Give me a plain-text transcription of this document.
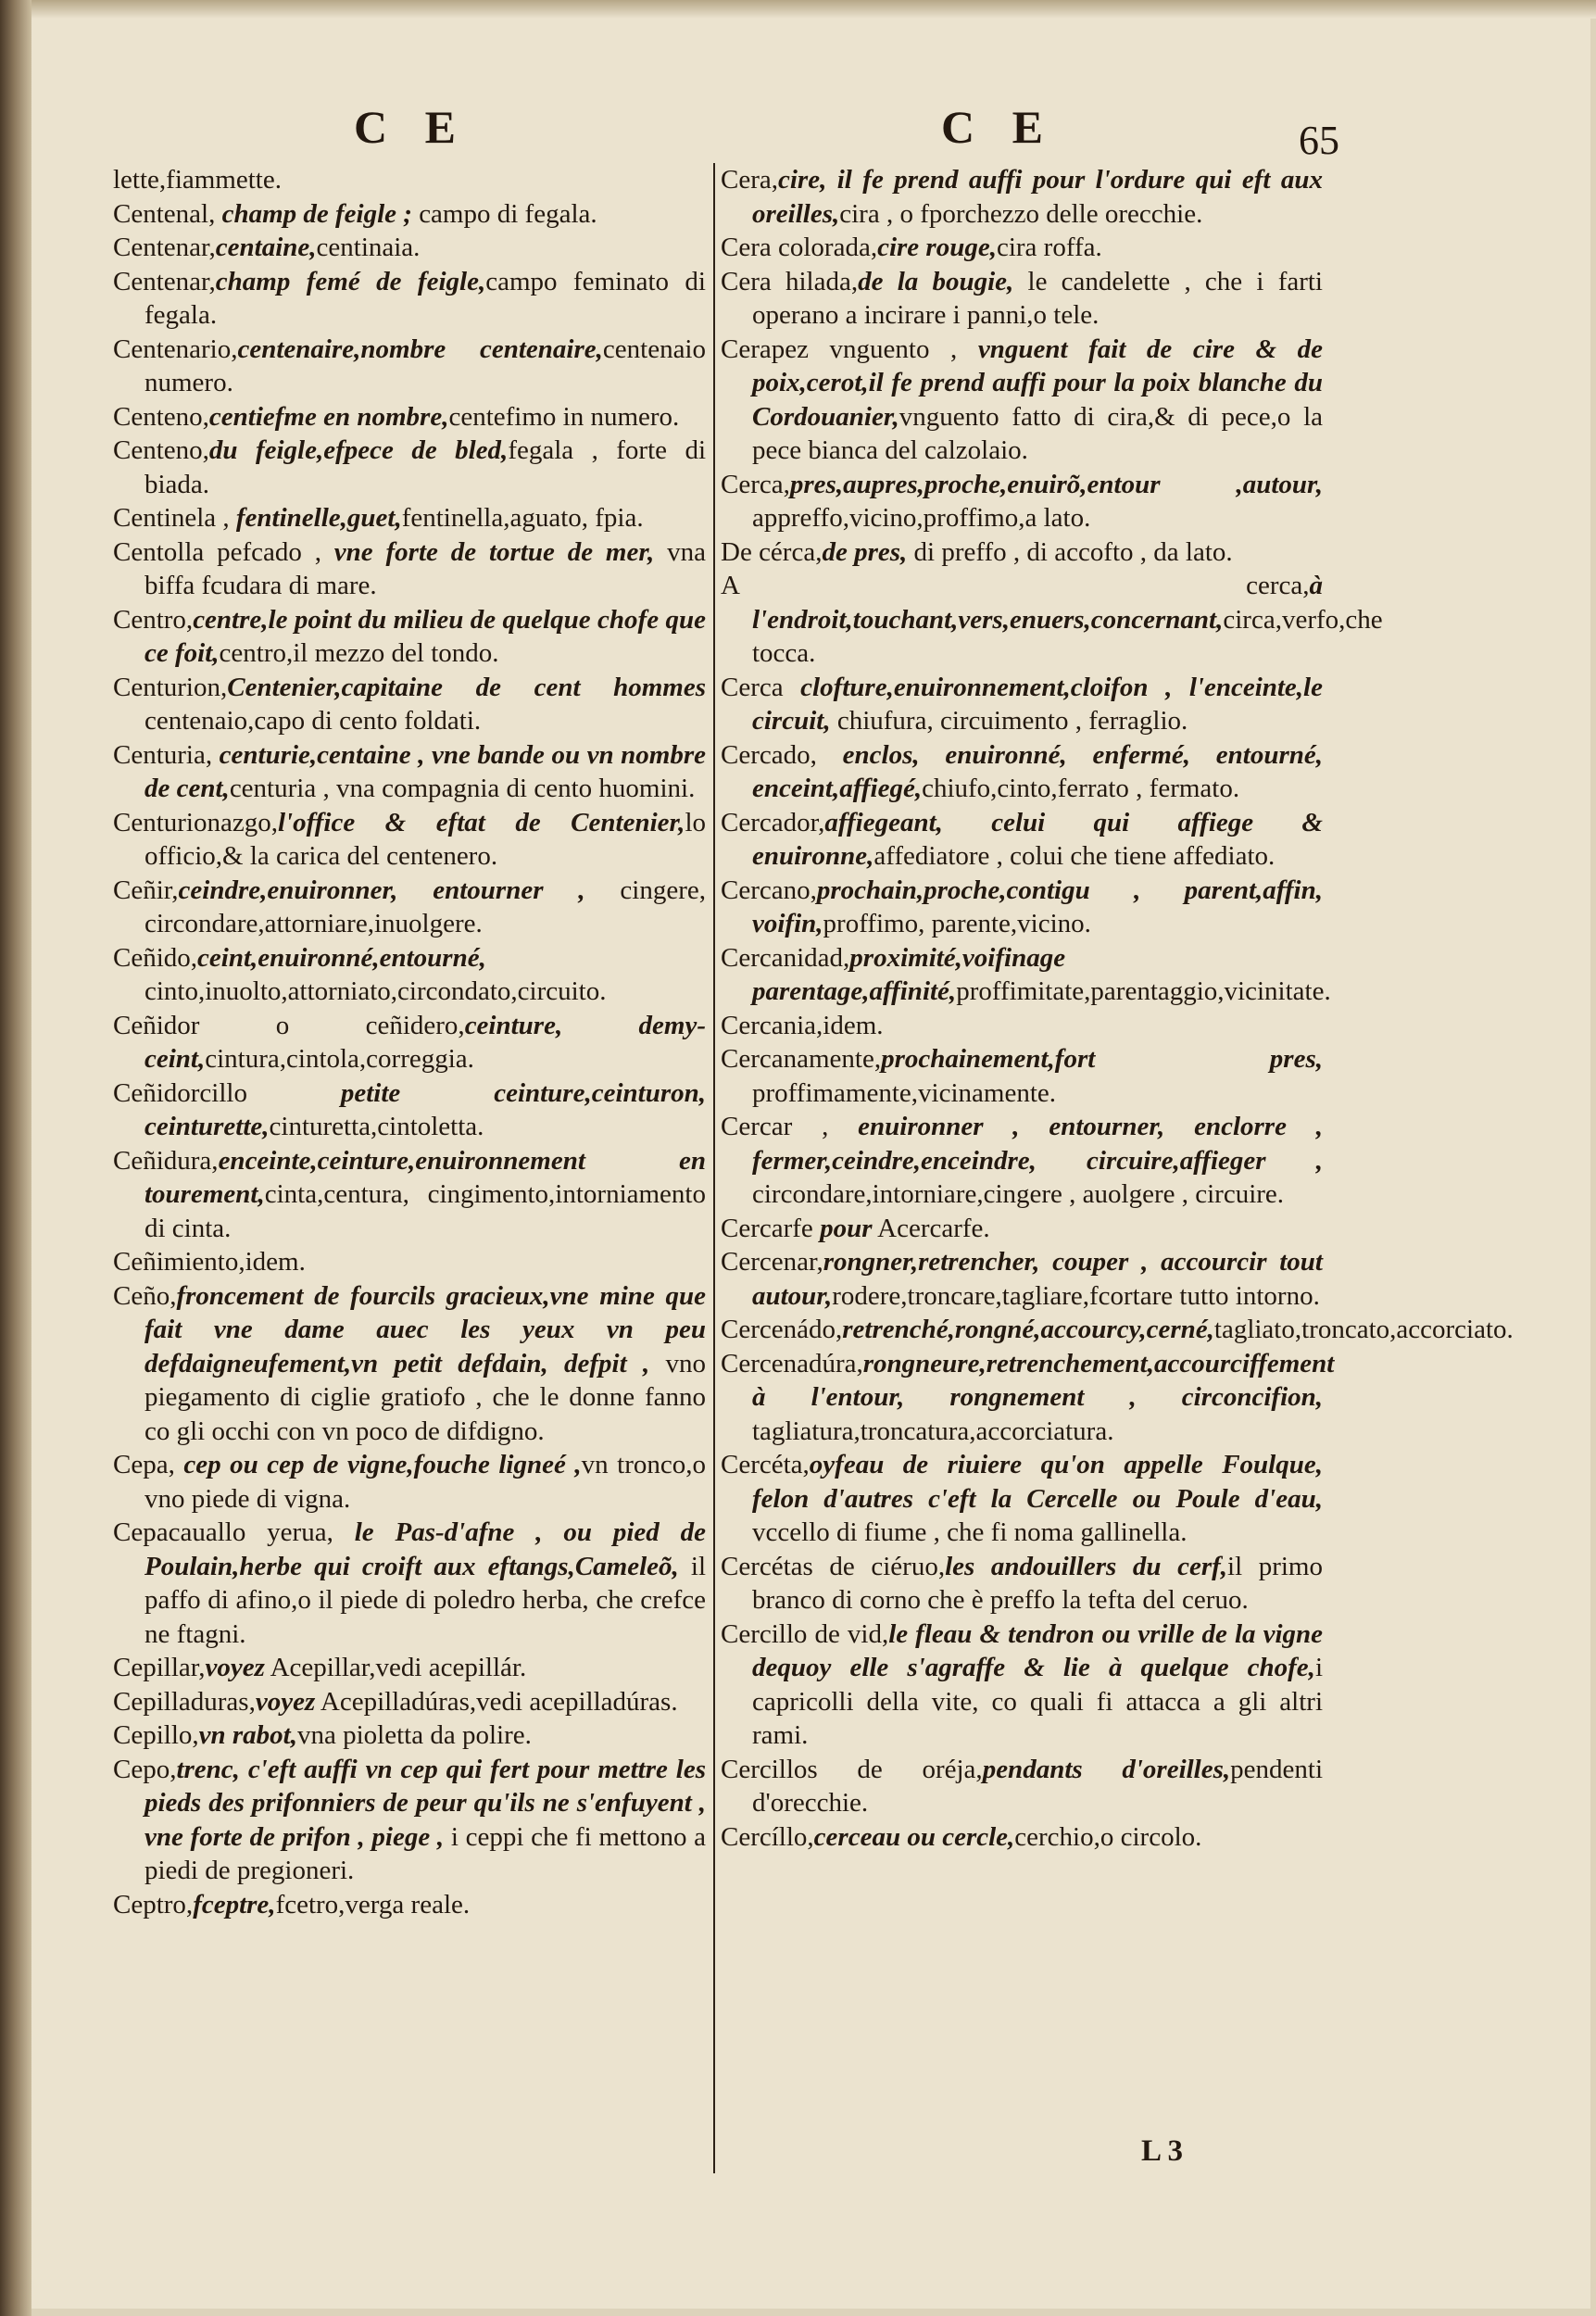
C E	C E	65
lette,fiammette.
Centenal, champ de feigle ; campo di fegala.
Centenar,centaine,centinaia.
Centenar,champ femé de feigle,campo feminato di fegala.
Centenario,centenaire,nombre centenaire,centenaio numero.
Centeno,centiefme en nombre,centefimo in numero.
Centeno,du feigle,efpece de bled,fegala , forte di biada.
Centinela , fentinelle,guet,fentinella,aguato, fpia.
Centolla pefcado , vne forte de tortue de mer, vna biffa fcudara di mare.
Centro,centre,le point du milieu de quelque chofe que ce foit,centro,il mezzo del tondo.
Centurion,Centenier,capitaine de cent hommes centenaio,capo di cento foldati.
Centuria, centurie,centaine , vne bande ou vn nombre de cent,centuria , vna compagnia di cento huomini.
Centurionazgo,l'office & eftat de Centenier,lo officio,& la carica del centenero.
Ceñir,ceindre,enuironner, entourner , cingere, circondare,attorniare,inuolgere.
Ceñido,ceint,enuironné,entourné, cinto,inuolto,attorniato,circondato,circuito.
Ceñidor o ceñidero,ceinture, demy-ceint,cintura,cintola,correggia.
Ceñidorcillo petite ceinture,ceinturon, ceinturette,cinturetta,cintoletta.
Ceñidura,enceinte,ceinture,enuironnement en tourement,cinta,centura, cingimento,intorniamento di cinta.
Ceñimiento,idem.
Ceño,froncement de fourcils gracieux,vne mine que fait vne dame auec les yeux vn peu defdaigneufement,vn petit defdain, defpit , vno piegamento di ciglie gratiofo , che le donne fanno co gli occhi con vn poco de difdigno.
Cepa, cep ou cep de vigne,fouche ligneé ,vn tronco,o vno piede di vigna.
Cepacauallo yerua, le Pas-d'afne , ou pied de Poulain,herbe qui croift aux eftangs,Cameleõ, il paffo di afino,o il piede di poledro herba, che crefce ne ftagni.
Cepillar,voyez Acepillar,vedi acepillár.
Cepilladuras,voyez Acepilladúras,vedi acepilladúras.
Cepillo,vn rabot,vna pioletta da polire.
Cepo,trenc, c'eft auffi vn cep qui fert pour mettre les pieds des prifonniers de peur qu'ils ne s'enfuyent , vne forte de prifon , piege , i ceppi che fi mettono a piedi de pregioneri.
Ceptro,fceptre,fcetro,verga reale.
Cera,cire, il fe prend auffi pour l'ordure qui eft aux oreilles,cira , o fporchezzo delle orecchie.
Cera colorada,cire rouge,cira roffa.
Cera hilada,de la bougie, le candelette , che i farti operano a incirare i panni,o tele.
Cerapez vnguento , vnguent fait de cire & de poix,cerot,il fe prend auffi pour la poix blanche du Cordouanier,vnguento fatto di cira,& di pece,o la pece bianca del calzolaio.
Cerca,pres,aupres,proche,enuirõ,entour ,autour, appreffo,vicino,proffimo,a lato.
De cérca,de pres, di preffo , di accofto , da lato.
A cerca,à l'endroit,touchant,vers,enuers,concernant,circa,verfo,che tocca.
Cerca clofture,enuironnement,cloifon , l'enceinte,le circuit, chiufura, circuimento , ferraglio.
Cercado, enclos, enuironné, enfermé, entourné, enceint,affiegé,chiufo,cinto,ferrato , fermato.
Cercador,affiegeant, celui qui affiege & enuironne,affediatore , colui che tiene affediato.
Cercano,prochain,proche,contigu , parent,affin, voifin,proffimo, parente,vicino.
Cercanidad,proximité,voifinage parentage,affinité,proffimitate,parentaggio,vicinitate.
Cercania,idem.
Cercanamente,prochainement,fort pres, proffimamente,vicinamente.
Cercar , enuironner , entourner, enclorre , fermer,ceindre,enceindre, circuire,affieger , circondare,intorniare,cingere , auolgere , circuire.
Cercarfe pour Acercarfe.
Cercenar,rongner,retrencher, couper , accourcir tout autour,rodere,troncare,tagliare,fcortare tutto intorno.
Cercenádo,retrenché,rongné,accourcy,cerné,tagliato,troncato,accorciato.
Cercenadúra,rongneure,retrenchement,accourciffement à l'entour, rongnement , circoncifion, tagliatura,troncatura,accorciatura.
Cercéta,oyfeau de riuiere qu'on appelle Foulque, felon d'autres c'eft la Cercelle ou Poule d'eau, vccello di fiume , che fi noma gallinella.
Cercétas de ciéruo,les andouillers du cerf,il primo branco di corno che è preffo la tefta del ceruo.
Cercillo de vid,le fleau & tendron ou vrille de la vigne dequoy elle s'agraffe & lie à quelque chofe,i capricolli della vite, co quali fi attacca a gli altri rami.
Cercillos de oréja,pendants d'oreilles,pendenti d'orecchie.
Cercíllo,cerceau ou cercle,cerchio,o circolo.
L 3
